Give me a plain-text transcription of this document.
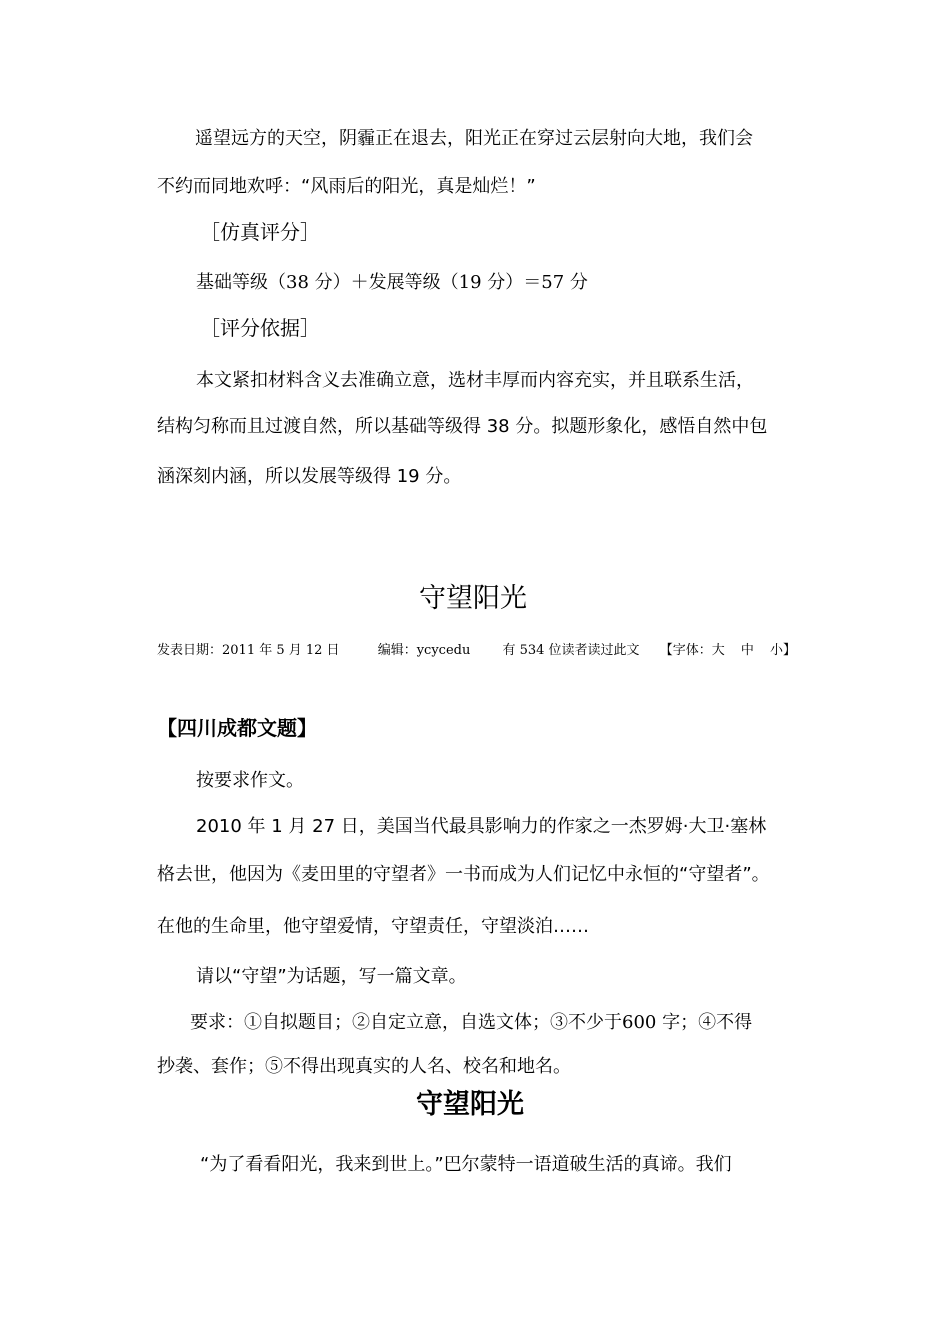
遥望远方的天空，阴霾正在退去，阳光正在穿过云层射向大地，我们会
不约而同地欢呼：“风雨后的阳光，真是灿烂！”
［仿真评分］
基础等级（38 分）＋发展等级（19 分）＝57 分
［评分依据］
本文紧扣材料含义去准确立意，选材丰厚而内容充实，并且联系生活，
结构匀称而且过渡自然，所以基础等级得 38 分。拟题形象化，感悟自然中包
涵深刻内涵，所以发展等级得 19 分。
守望阳光
发表日期：2011 年 5 月 12 日	编辑：ycycedu 有 534 位读者读过此文 【字体：大 中 小】
【四川成都文题】
按要求作文。
2010 年 1 月 27 日，美国当代最具影响力的作家之一杰罗姆·大卫·塞林
格去世，他因为《麦田里的守望者》一书而成为人们记忆中永恒的“守望者”。
在他的生命里，他守望爱情，守望责任，守望淡泊……
请以“守望”为话题，写一篇文章。
要求：①自拟题目；②自定立意，自选文体；③不少于600 字；④不得
抄袭、套作；⑤不得出现真实的人名、校名和地名。
守望阳光
“为了看看阳光，我来到世上。”巴尔蒙特一语道破生活的真谛。我们
